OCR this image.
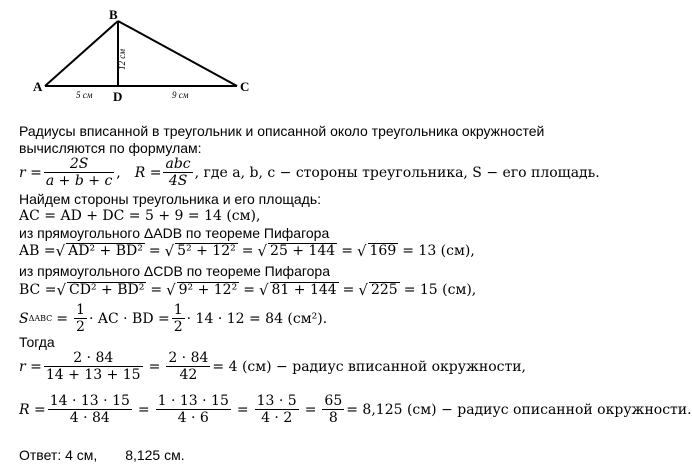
B
A	C
D
12 см
5 см	9 см
Радиусы вписанной в треугольник и описанной около треугольника окружностей
вычисляются по формулам:
$r = \frac{2S}{a + b + c}$ , $R = \frac{\text{abc}}{4S}$ , где a, b, c − стороны треугольника, S − его площадь.
Найдем стороны треугольника и его площадь:
AC = AD + DC = 5 + 9 = 14 (см),
из прямоугольного ΔADB по теореме Пифагора
AB = √ AD² + BD² = √ 5² + 12² = √ 25 + 144 = √ 169 = 13 (см),
из прямоугольного ΔCDB по теореме Пифагора
BC = √ CD² + BD² = √ 9² + 12² = √ 81 + 144 = √ 225 = 15 (см),
S $\Delta ABC = \frac{1}{2}$ · AC · BD = $\frac{1}{2} \cdot 14 \cdot 12 = 84$ (см²).
Тогда
$r = \frac{2 \cdot 84}{14 + 13 + 15} = \frac{2 \cdot 84}{42} = 4$ (см) − радиус вписанной окружности,
$R = \frac{14 \cdot 13 \cdot 15}{4 \cdot 84} = \frac{1 \cdot 13 \cdot 15}{4 \cdot 6} = \frac{13 \cdot 5}{4 \cdot 2} = \frac{65}{8} = 8,125$ (см) − радиус описанной окружности.
Ответ: 4 см, 8,125 см.
